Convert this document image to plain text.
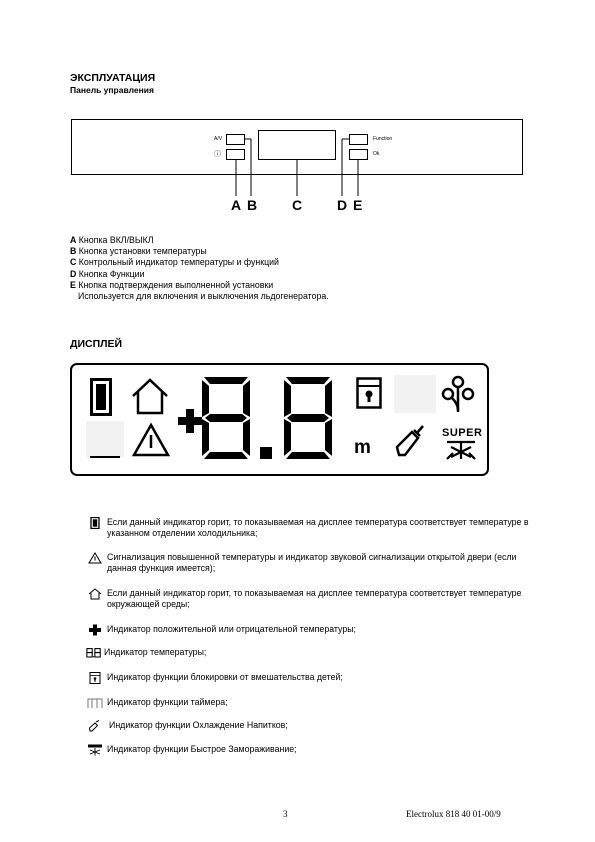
ЭКСПЛУАТАЦИЯ
Панель управления
A/V
ⓘ
Function
Ok
A B C D E
A Кнопка ВКЛ/ВЫКЛ
B Кнопка установки температуры
C Контрольный индикатор температуры и функций
D Кнопка Функции
E Кнопка подтверждения выполненной установки
Используется для включения и выключения льдогенератора.
ДИСПЛЕЙ
m
SUPER
Если данный индикатор горит, то показываемая на дисплее температура соответствует температуре в указанном отделении холодильника;
Сигнализация повышенной температуры и индикатор звуковой сигнализации открытой двери (если данная функция имеется);
Если данный индикатор горит, то показываемая на дисплее температура соответствует температуре окружающей среды;
Индикатор положительной или отрицательной температуры;
Индикатор температуры;
Индикатор функции блокировки от вмешательства детей;
Индикатор функции таймера;
Индикатор функции Охлаждение Напитков;
Индикатор функции Быстрое Замораживание;
3	Electrolux 818 40 01-00/9
